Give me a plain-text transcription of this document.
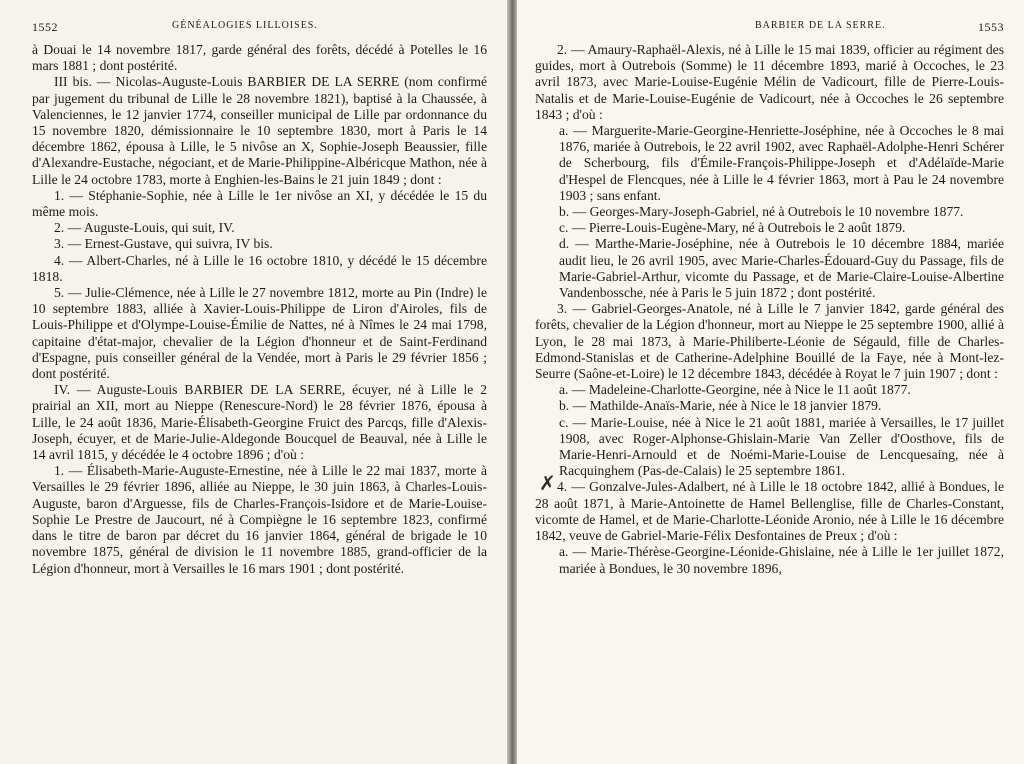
1552	GÉNÉALOGIES LILLOISES.

à Douai le 14 novembre 1817, garde général des forêts, décédé à Potelles le 16 mars 1881 ; dont postérité.

III bis. — Nicolas-Auguste-Louis BARBIER DE LA SERRE (nom confirmé par jugement du tribunal de Lille le 28 novembre 1821), baptisé à la Chaussée, à Valenciennes, le 12 janvier 1774, conseiller municipal de Lille par ordonnance du 15 novembre 1820, démissionnaire le 10 septembre 1830, mort à Paris le 14 décembre 1862, épousa à Lille, le 5 nivôse an X, Sophie-Joseph Beaussier, fille d'Alexandre-Eustache, négociant, et de Marie-Philippine-Albéricque Mathon, née à Lille le 24 octobre 1783, morte à Enghien-les-Bains le 21 juin 1849 ; dont :

1. — Stéphanie-Sophie, née à Lille le 1er nivôse an XI, y décédée le 15 du même mois.

2. — Auguste-Louis, qui suit, IV.

3. — Ernest-Gustave, qui suivra, IV bis.

4. — Albert-Charles, né à Lille le 16 octobre 1810, y décédé le 15 décembre 1818.

5. — Julie-Clémence, née à Lille le 27 novembre 1812, morte au Pin (Indre) le 10 septembre 1883, alliée à Xavier-Louis-Philippe de Liron d'Airoles, fils de Louis-Philippe et d'Olympe-Louise-Émilie de Nattes, né à Nîmes le 24 mai 1798, capitaine d'état-major, chevalier de la Légion d'honneur et de Saint-Ferdinand d'Espagne, puis conseiller général de la Vendée, mort à Paris le 29 février 1856 ; dont postérité.

IV. — Auguste-Louis BARBIER DE LA SERRE, écuyer, né à Lille le 2 prairial an XII, mort au Nieppe (Renescure-Nord) le 28 février 1876, épousa à Lille, le 24 août 1836, Marie-Élisabeth-Georgine Fruict des Parcqs, fille d'Alexis-Joseph, écuyer, et de Marie-Julie-Aldegonde Boucquel de Beauval, née à Lille le 14 avril 1815, y décédée le 4 octobre 1896 ; d'où :

1. — Élisabeth-Marie-Auguste-Ernestine, née à Lille le 22 mai 1837, morte à Versailles le 29 février 1896, alliée au Nieppe, le 30 juin 1863, à Charles-Louis-Auguste, baron d'Arguesse, fils de Charles-François-Isidore et de Marie-Louise-Sophie Le Prestre de Jaucourt, né à Compiègne le 16 septembre 1823, confirmé dans le titre de baron par décret du 16 janvier 1864, général de brigade le 10 novembre 1875, général de division le 11 novembre 1885, grand-officier de la Légion d'honneur, mort à Versailles le 16 mars 1901 ; dont postérité.

BARBIER DE LA SERRE.	1553

2. — Amaury-Raphaël-Alexis, né à Lille le 15 mai 1839, officier au régiment des guides, mort à Outrebois (Somme) le 11 décembre 1893, marié à Occoches, le 23 avril 1873, avec Marie-Louise-Eugénie Mélin de Vadicourt, fille de Pierre-Louis-Natalis et de Marie-Louise-Eugénie de Vadicourt, née à Occoches le 26 septembre 1843 ; d'où :

a. — Marguerite-Marie-Georgine-Henriette-Joséphine, née à Occoches le 8 mai 1876, mariée à Outrebois, le 22 avril 1902, avec Raphaël-Adolphe-Henri Schérer de Scherbourg, fils d'Émile-François-Philippe-Joseph et d'Adélaïde-Marie d'Hespel de Flencques, née à Lille le 4 février 1863, mort à Pau le 24 novembre 1903 ; sans enfant.

b. — Georges-Mary-Joseph-Gabriel, né à Outrebois le 10 novembre 1877.

c. — Pierre-Louis-Eugène-Mary, né à Outrebois le 2 août 1879.

d. — Marthe-Marie-Joséphine, née à Outrebois le 10 décembre 1884, mariée audit lieu, le 26 avril 1905, avec Marie-Charles-Édouard-Guy du Passage, fils de Marie-Gabriel-Arthur, vicomte du Passage, et de Marie-Claire-Louise-Albertine Vandenbossche, née à Paris le 5 juin 1872 ; dont postérité.

3. — Gabriel-Georges-Anatole, né à Lille le 7 janvier 1842, garde général des forêts, chevalier de la Légion d'honneur, mort au Nieppe le 25 septembre 1900, allié à Lyon, le 28 mai 1873, à Marie-Philiberte-Léonie de Ségauld, fille de Charles-Edmond-Stanislas et de Catherine-Adelphine Bouillé de la Faye, née à Mont-lez-Seurre (Saône-et-Loire) le 12 décembre 1843, décédée à Royat le 7 juin 1907 ; dont :

a. — Madeleine-Charlotte-Georgine, née à Nice le 11 août 1877.

b. — Mathilde-Anaïs-Marie, née à Nice le 18 janvier 1879.

c. — Marie-Louise, née à Nice le 21 août 1881, mariée à Versailles, le 17 juillet 1908, avec Roger-Alphonse-Ghislain-Marie Van Zeller d'Oosthove, fils de Marie-Henri-Arnould et de Noémi-Marie-Louise de Lencquesaing, née à Racquinghem (Pas-de-Calais) le 25 septembre 1861.

✗ 4. — Gonzalve-Jules-Adalbert, né à Lille le 18 octobre 1842, allié à Bondues, le 28 août 1871, à Marie-Antoinette de Hamel Bellenglise, fille de Charles-Constant, vicomte de Hamel, et de Marie-Charlotte-Léonide Aronio, née à Lille le 16 décembre 1842, veuve de Gabriel-Marie-Félix Desfontaines de Preux ; d'où :

a. — Marie-Thérèse-Georgine-Léonide-Ghislaine, née à Lille le 1er juillet 1872, mariée à Bondues, le 30 novembre 1896,
